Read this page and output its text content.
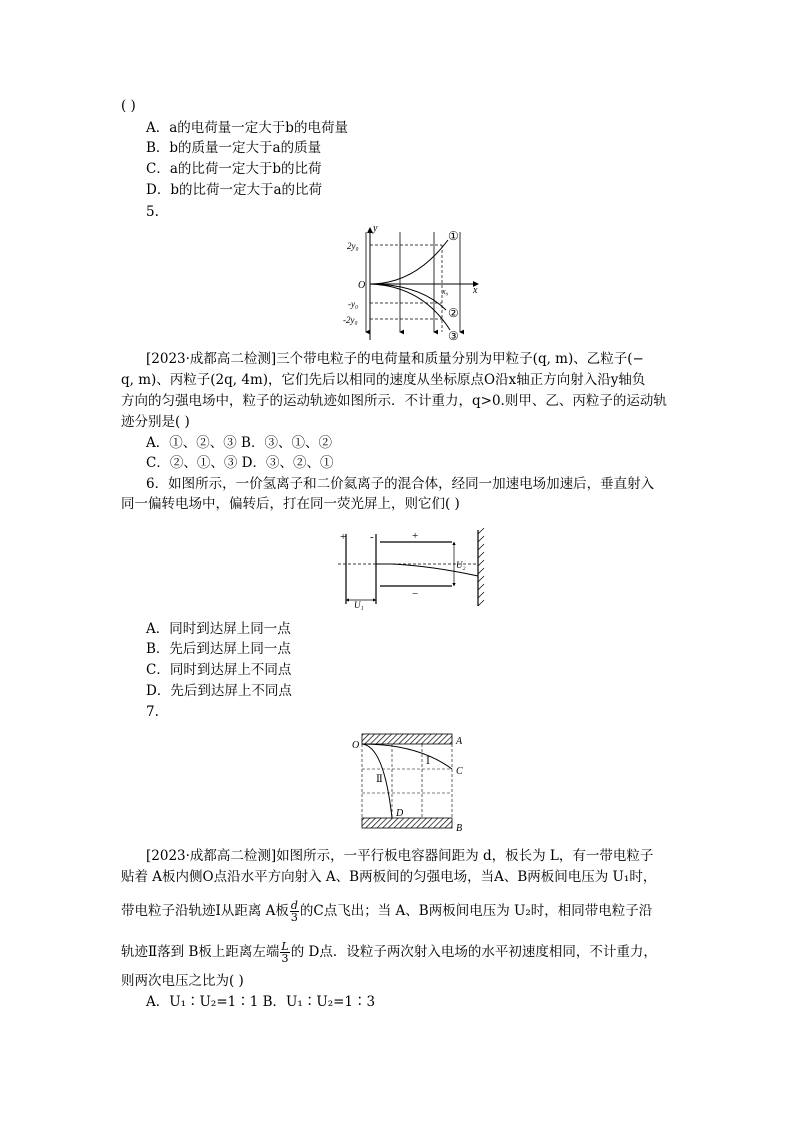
( )
A．a的电荷量一定大于b的电荷量
B．b的质量一定大于a的质量
C．a的比荷一定大于b的比荷
D．b的比荷一定大于a的比荷
5.
y
x
O
2y₀
-y₀
-2y₀
x₀
①
②
③
[2023·成都高二检测]三个带电粒子的电荷量和质量分别为甲粒子(q, m)、乙粒子(−
q, m)、丙粒子(2q, 4m)，它们先后以相同的速度从坐标原点O沿x轴正方向射入沿y轴负
方向的匀强电场中，粒子的运动轨迹如图所示．不计重力，q>0.则甲、乙、丙粒子的运动轨
迹分别是( )
A．①、②、③ B．③、①、②
C．②、①、③ D．③、②、①
6．如图所示，一价氢离子和二价氦离子的混合体，经同一加速电场加速后，垂直射入
同一偏转电场中，偏转后，打在同一荧光屏上，则它们( )
+ -
U₁
+
−
U₂
A．同时到达屏上同一点
B．先后到达屏上同一点
C．同时到达屏上不同点
D．先后到达屏上不同点
7.
O	A
B
C
D
Ⅰ
Ⅱ
[2023·成都高二检测]如图所示，一平行板电容器间距为 d，板长为 L，有一带电粒子
贴着 A板内侧O点沿水平方向射入 A、B两板间的匀强电场，当A、B两板间电压为 U₁时，
带电粒子沿轨迹Ⅰ从距离 A板 $\frac{d}{3}$ 的C点飞出；当 A、B两板间电压为 U₂时，相同带电粒子沿
轨迹Ⅱ落到 B板上距离左端 $\frac{L}{3}$ 的 D点．设粒子两次射入电场的水平初速度相同，不计重力，
则两次电压之比为( )
A．U₁∶U₂=1∶1 B．U₁∶U₂=1∶3
